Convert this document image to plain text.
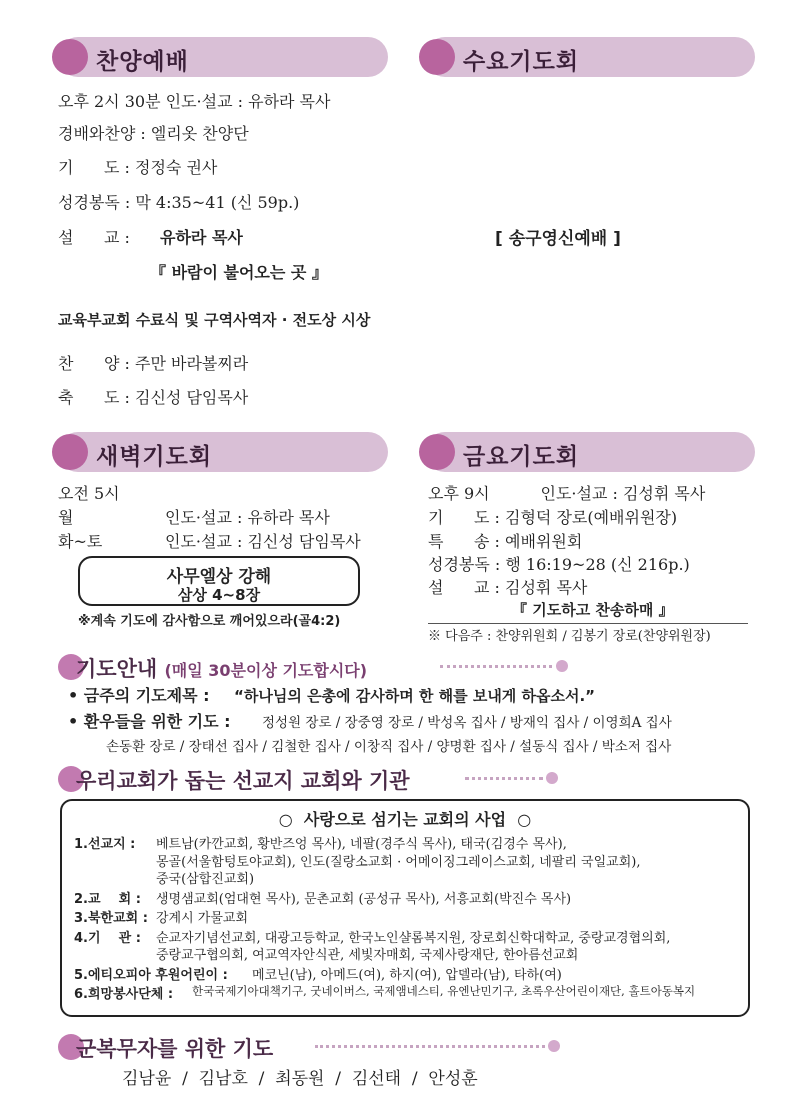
찬양예배
오후 2시 30분 인도·설교 : 유하라 목사
경배와찬양 : 엘리옷 찬양단
기      도 : 정정숙 권사
성경봉독 : 막 4:35~41 (신 59p.)
설      교 : 유하라 목사
『 바람이 불어오는 곳 』
교육부교회 수료식 및 구역사역자 · 전도상 시상
찬      양 : 주만 바라볼찌라
축      도 : 김신성 담임목사
수요기도회
[ 송구영신예배 ]
새벽기도회
오전 5시
월	인도·설교 : 유하라 목사
화~토	인도·설교 : 김신성 담임목사
사무엘상 강해
삼상 4~8장
※계속 기도에 감사함으로 깨어있으라(골4:2)
금요기도회
오후 9시          인도·설교 : 김성휘 목사
기      도 : 김형덕 장로(예배위원장)
특      송 : 예배위원회
성경봉독 : 행 16:19~28 (신 216p.)
설      교 : 김성휘 목사
『 기도하고 찬송하매 』
※ 다음주 : 찬양위원회 / 김봉기 장로(찬양위원장)
기도안내 (매일 30분이상 기도합시다)
• 금주의 기도제목 : “하나님의 은총에 감사하며 한 해를 보내게 하옵소서.”
• 환우들을 위한 기도 : 정성원 장로 / 장중영 장로 / 박성옥 집사 / 방재익 집사 / 이영희A 집사
손동환 장로 / 장태선 집사 / 김철한 집사 / 이창직 집사 / 양명환 집사 / 설동식 집사 / 박소저 집사
우리교회가 돕는 선교지 교회와 기관
○  사랑으로 섬기는 교회의 사업  ○
1.선교지 : 베트남(카깐교회, 황반즈엉 목사), 네팔(경주식 목사), 태국(김경수 목사),
몽골(서울함텅토야교회), 인도(질랑소교회 · 어메이징그레이스교회, 네팔리 국일교회),
중국(삼합진교회)
2.교    회 : 생명샘교회(엄대현 목사), 문촌교회 (공성규 목사), 서흥교회(박진수 목사)
3.북한교회 : 강계시 가물교회
4.기    관 : 순교자기념선교회, 대광고등학교, 한국노인샬롬복지원, 장로회신학대학교, 중랑교경협의회,
중랑교구협의회, 여교역자안식관, 세빛자매회, 국제사랑재단, 한아름선교회
5.에티오피아 후원어린이 : 메코닌(남), 아메드(여), 하지(여), 압델라(남), 타하(여)
6.희망봉사단체 : 한국국제기아대책기구, 굿네이버스, 국제앰네스티, 유엔난민기구, 초록우산어린이재단, 홀트아동복지
군복무자를 위한 기도
김남윤  /  김남호  /  최동원  /  김선태  /  안성훈
